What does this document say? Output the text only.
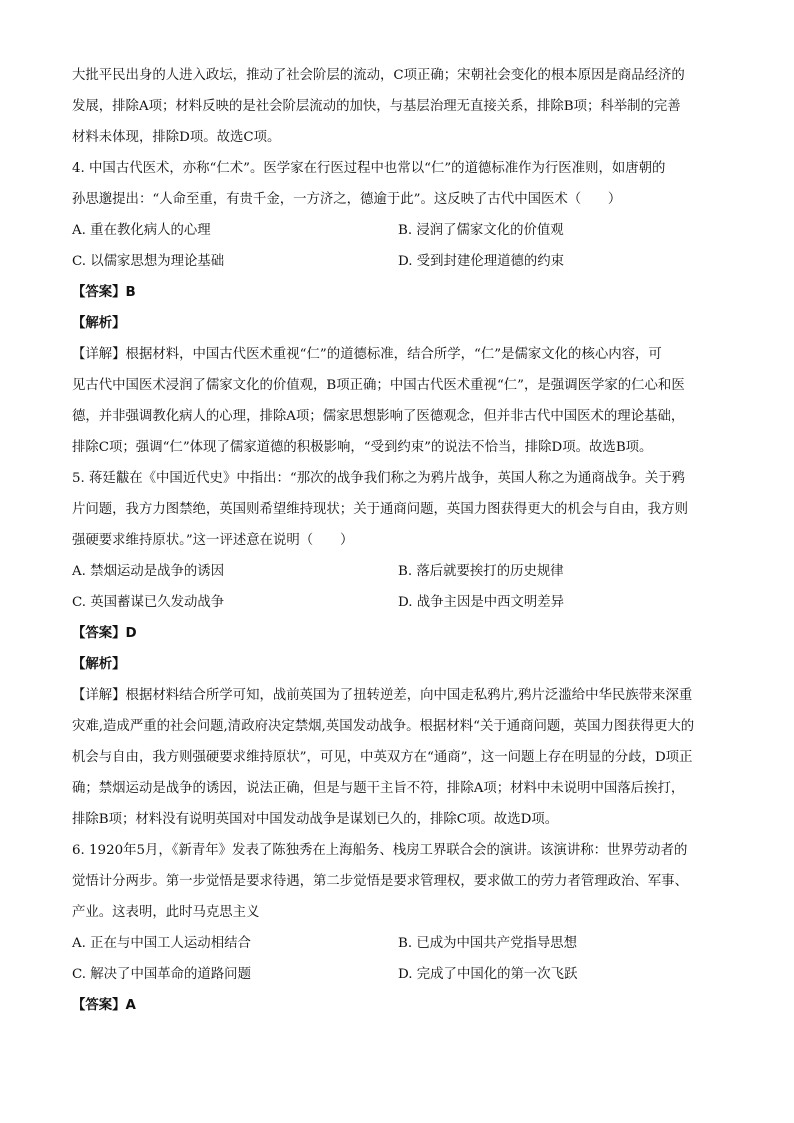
大批平民出身的人进入政坛，推动了社会阶层的流动，C项正确；宋朝社会变化的根本原因是商品经济的
发展，排除A项；材料反映的是社会阶层流动的加快，与基层治理无直接关系，排除B项；科举制的完善
材料未体现，排除D项。故选C项。
4. 中国古代医术，亦称“仁术”。医学家在行医过程中也常以“仁”的道德标准作为行医准则，如唐朝的
孙思邈提出：“人命至重，有贵千金，一方济之，德逾于此”。这反映了古代中国医术（　　）
A. 重在教化病人的心理	B. 浸润了儒家文化的价值观
C. 以儒家思想为理论基础	D. 受到封建伦理道德的约束
【答案】B
【解析】
【详解】根据材料，中国古代医术重视“仁”的道德标准，结合所学，“仁”是儒家文化的核心内容，可
见古代中国医术浸润了儒家文化的价值观，B项正确；中国古代医术重视“仁”，是强调医学家的仁心和医
德，并非强调教化病人的心理，排除A项；儒家思想影响了医德观念，但并非古代中国医术的理论基础，
排除C项；强调“仁”体现了儒家道德的积极影响，“受到约束”的说法不恰当，排除D项。故选B项。
5. 蒋廷黻在《中国近代史》中指出：“那次的战争我们称之为鸦片战争，英国人称之为通商战争。关于鸦
片问题，我方力图禁绝，英国则希望维持现状；关于通商问题，英国力图获得更大的机会与自由，我方则
强硬要求维持原状。”这一评述意在说明（　　）
A. 禁烟运动是战争的诱因	B. 落后就要挨打的历史规律
C. 英国蓄谋已久发动战争	D. 战争主因是中西文明差异
【答案】D
【解析】
【详解】根据材料结合所学可知，战前英国为了扭转逆差，向中国走私鸦片,鸦片泛滥给中华民族带来深重
灾难,造成严重的社会问题,清政府决定禁烟,英国发动战争。根据材料“关于通商问题，英国力图获得更大的
机会与自由，我方则强硬要求维持原状”，可见，中英双方在“通商”，这一问题上存在明显的分歧，D项正
确；禁烟运动是战争的诱因，说法正确，但是与题干主旨不符，排除A项；材料中未说明中国落后挨打，
排除B项；材料没有说明英国对中国发动战争是谋划已久的，排除C项。故选D项。
6. 1920年5月，《新青年》发表了陈独秀在上海船务、栈房工界联合会的演讲。该演讲称：世界劳动者的
觉悟计分两步。第一步觉悟是要求待遇，第二步觉悟是要求管理权，要求做工的劳力者管理政治、军事、
产业。这表明，此时马克思主义
A. 正在与中国工人运动相结合	B. 已成为中国共产党指导思想
C. 解决了中国革命的道路问题	D. 完成了中国化的第一次飞跃
【答案】A
